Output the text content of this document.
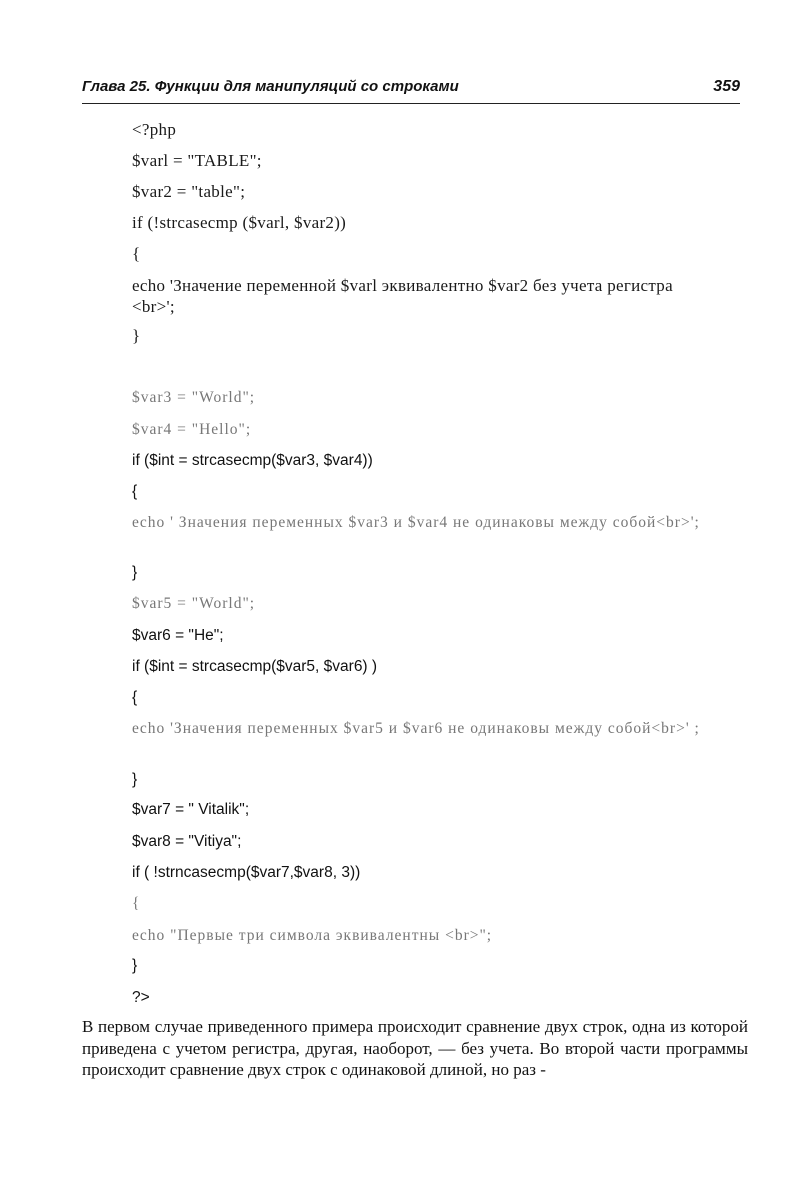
Глава 25. Функции для манипуляций со строками	359
<?php
$varl = "TABLE";
$var2 = "table";
if (!strcasecmp ($varl, $var2))
{
echo 'Значение переменной $varl эквивалентно $var2 без учета регистра <br>';
}
$var3 = "World";
$var4 = "Hello";
if ($int = strcasecmp($var3, $var4))
{
echo ' Значения переменных $var3 и $var4 не одинаковы между собой<br>';
}
$var5 = "World";
$var6 = "He";
if ($int = strcasecmp($var5, $var6) )
{
echo 'Значения переменных $var5 и $var6 не одинаковы между собой<br>' ;
}
$var7 = " Vitalik";
$var8 = "Vitiya";
if ( !strncasecmp($var7,$var8, 3))
{
echo "Первые три символа эквивалентны <br>";
}
?>

В первом случае приведенного примера происходит сравнение двух строк, одна из которой приведена с учетом регистра, другая, наоборот, — без учета. Во второй части программы происходит сравнение двух строк с одинаковой длиной, но раз -
